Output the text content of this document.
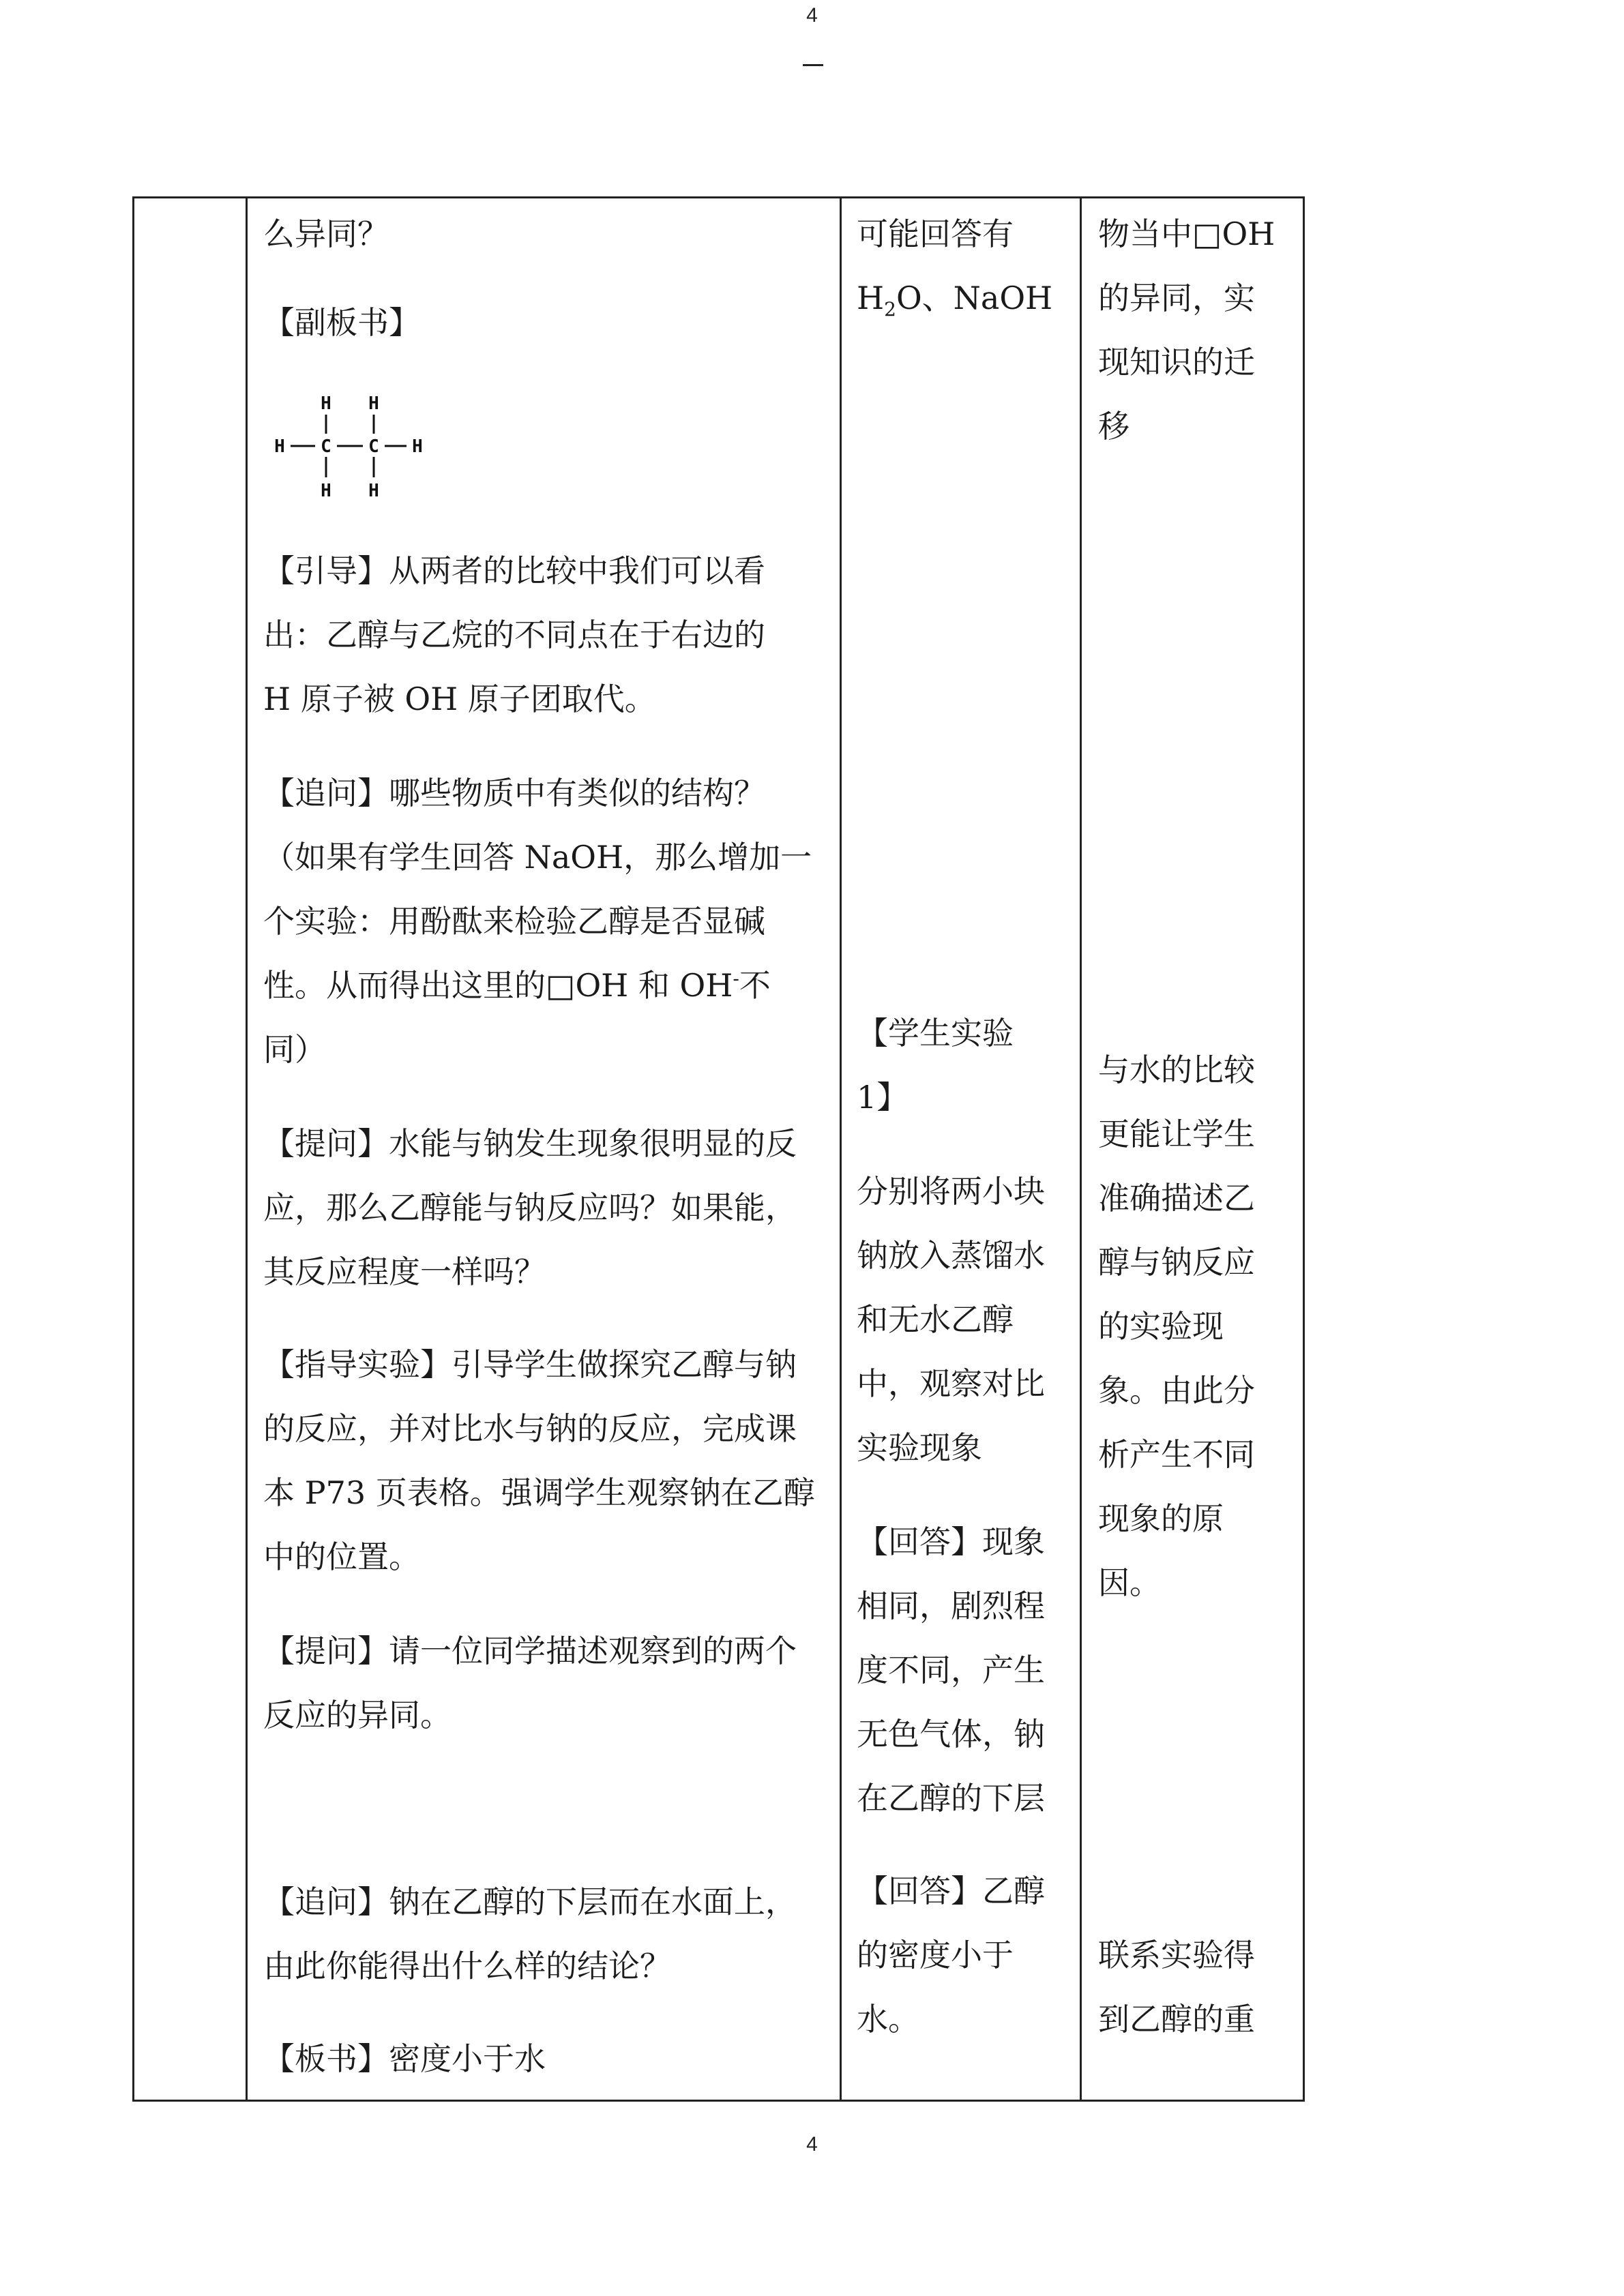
4
么异同？
【副板书】
H H
H C C H
H H
【引导】从两者的比较中我们可以看
出：乙醇与乙烷的不同点在于右边的
H 原子被 OH 原子团取代。
【追问】哪些物质中有类似的结构？
（如果有学生回答 NaOH，那么增加一
个实验：用酚酞来检验乙醇是否显碱
性。从而得出这里的□OH 和 OH-不
同）
【提问】水能与钠发生现象很明显的反
应，那么乙醇能与钠反应吗？如果能，
其反应程度一样吗？
【指导实验】引导学生做探究乙醇与钠
的反应，并对比水与钠的反应，完成课
本 P73 页表格。强调学生观察钠在乙醇
中的位置。
【提问】请一位同学描述观察到的两个
反应的异同。
【追问】钠在乙醇的下层而在水面上，
由此你能得出什么样的结论？
【板书】密度小于水
可能回答有
$H_2O$、NaOH
【学生实验
1】
分别将两小块
钠放入蒸馏水
和无水乙醇
中，观察对比
实验现象
【回答】现象
相同，剧烈程
度不同，产生
无色气体，钠
在乙醇的下层
【回答】乙醇
的密度小于
水。
物当中□OH
的异同，实
现知识的迁
移
与水的比较
更能让学生
准确描述乙
醇与钠反应
的实验现
象。由此分
析产生不同
现象的原
因。
联系实验得
到乙醇的重
4
